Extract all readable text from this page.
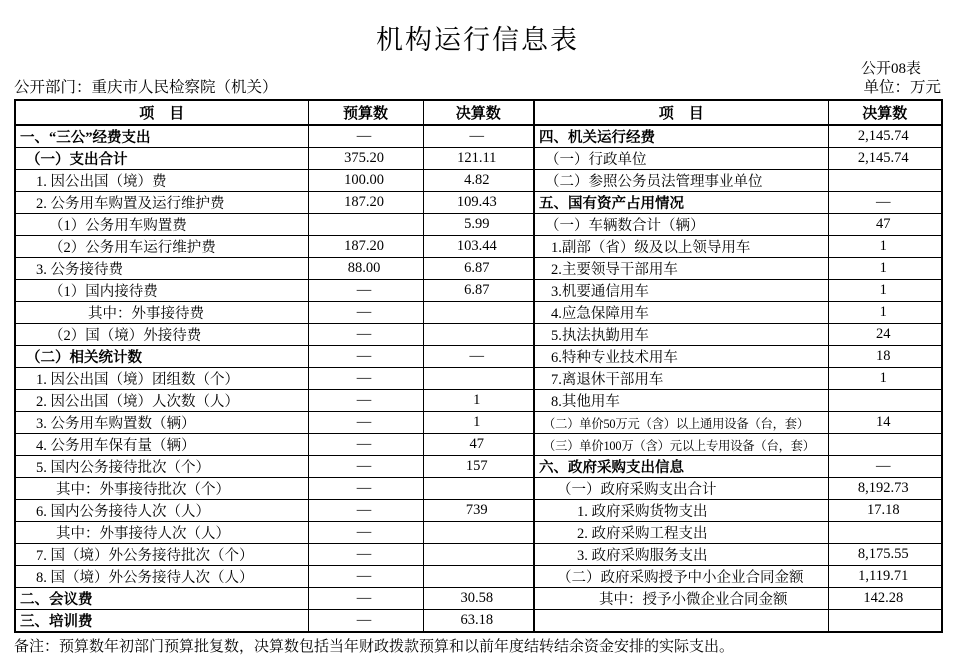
机构运行信息表
公开08表
公开部门：重庆市人民检察院（机关）	单位：万元
项　目	预算数	决算数	项　目	决算数
一、“三公”经费支出	—	—	四、机关运行经费	2,145.74
（一）支出合计	375.20	121.11	（一）行政单位	2,145.74
1. 因公出国（境）费	100.00	4.82	（二）参照公务员法管理事业单位	
2. 公务用车购置及运行维护费	187.20	109.43	五、国有资产占用情况	—
（1）公务用车购置费		5.99	（一）车辆数合计（辆）	47
（2）公务用车运行维护费	187.20	103.44	1.副部（省）级及以上领导用车	1
3. 公务接待费	88.00	6.87	2.主要领导干部用车	1
（1）国内接待费	—	6.87	3.机要通信用车	1
其中：外事接待费	—		4.应急保障用车	1
（2）国（境）外接待费	—		5.执法执勤用车	24
（二）相关统计数	—	—	6.特种专业技术用车	18
1. 因公出国（境）团组数（个）	—		7.离退休干部用车	1
2. 因公出国（境）人次数（人）	—	1	8.其他用车	
3. 公务用车购置数（辆）	—	1	（二）单价50万元（含）以上通用设备（台，套）	14
4. 公务用车保有量（辆）	—	47	（三）单价100万（含）元以上专用设备（台，套）	
5. 国内公务接待批次（个）	—	157	六、政府采购支出信息	—
其中：外事接待批次（个）	—		（一）政府采购支出合计	8,192.73
6. 国内公务接待人次（人）	—	739	1. 政府采购货物支出	17.18
其中：外事接待人次（人）	—		2. 政府采购工程支出	
7. 国（境）外公务接待批次（个）	—		3. 政府采购服务支出	8,175.55
8. 国（境）外公务接待人次（人）	—		（二）政府采购授予中小企业合同金额	1,119.71
二、会议费	—	30.58	其中：授予小微企业合同金额	142.28
三、培训费	—	63.18		
备注：预算数年初部门预算批复数，决算数包括当年财政拨款预算和以前年度结转结余资金安排的实际支出。
